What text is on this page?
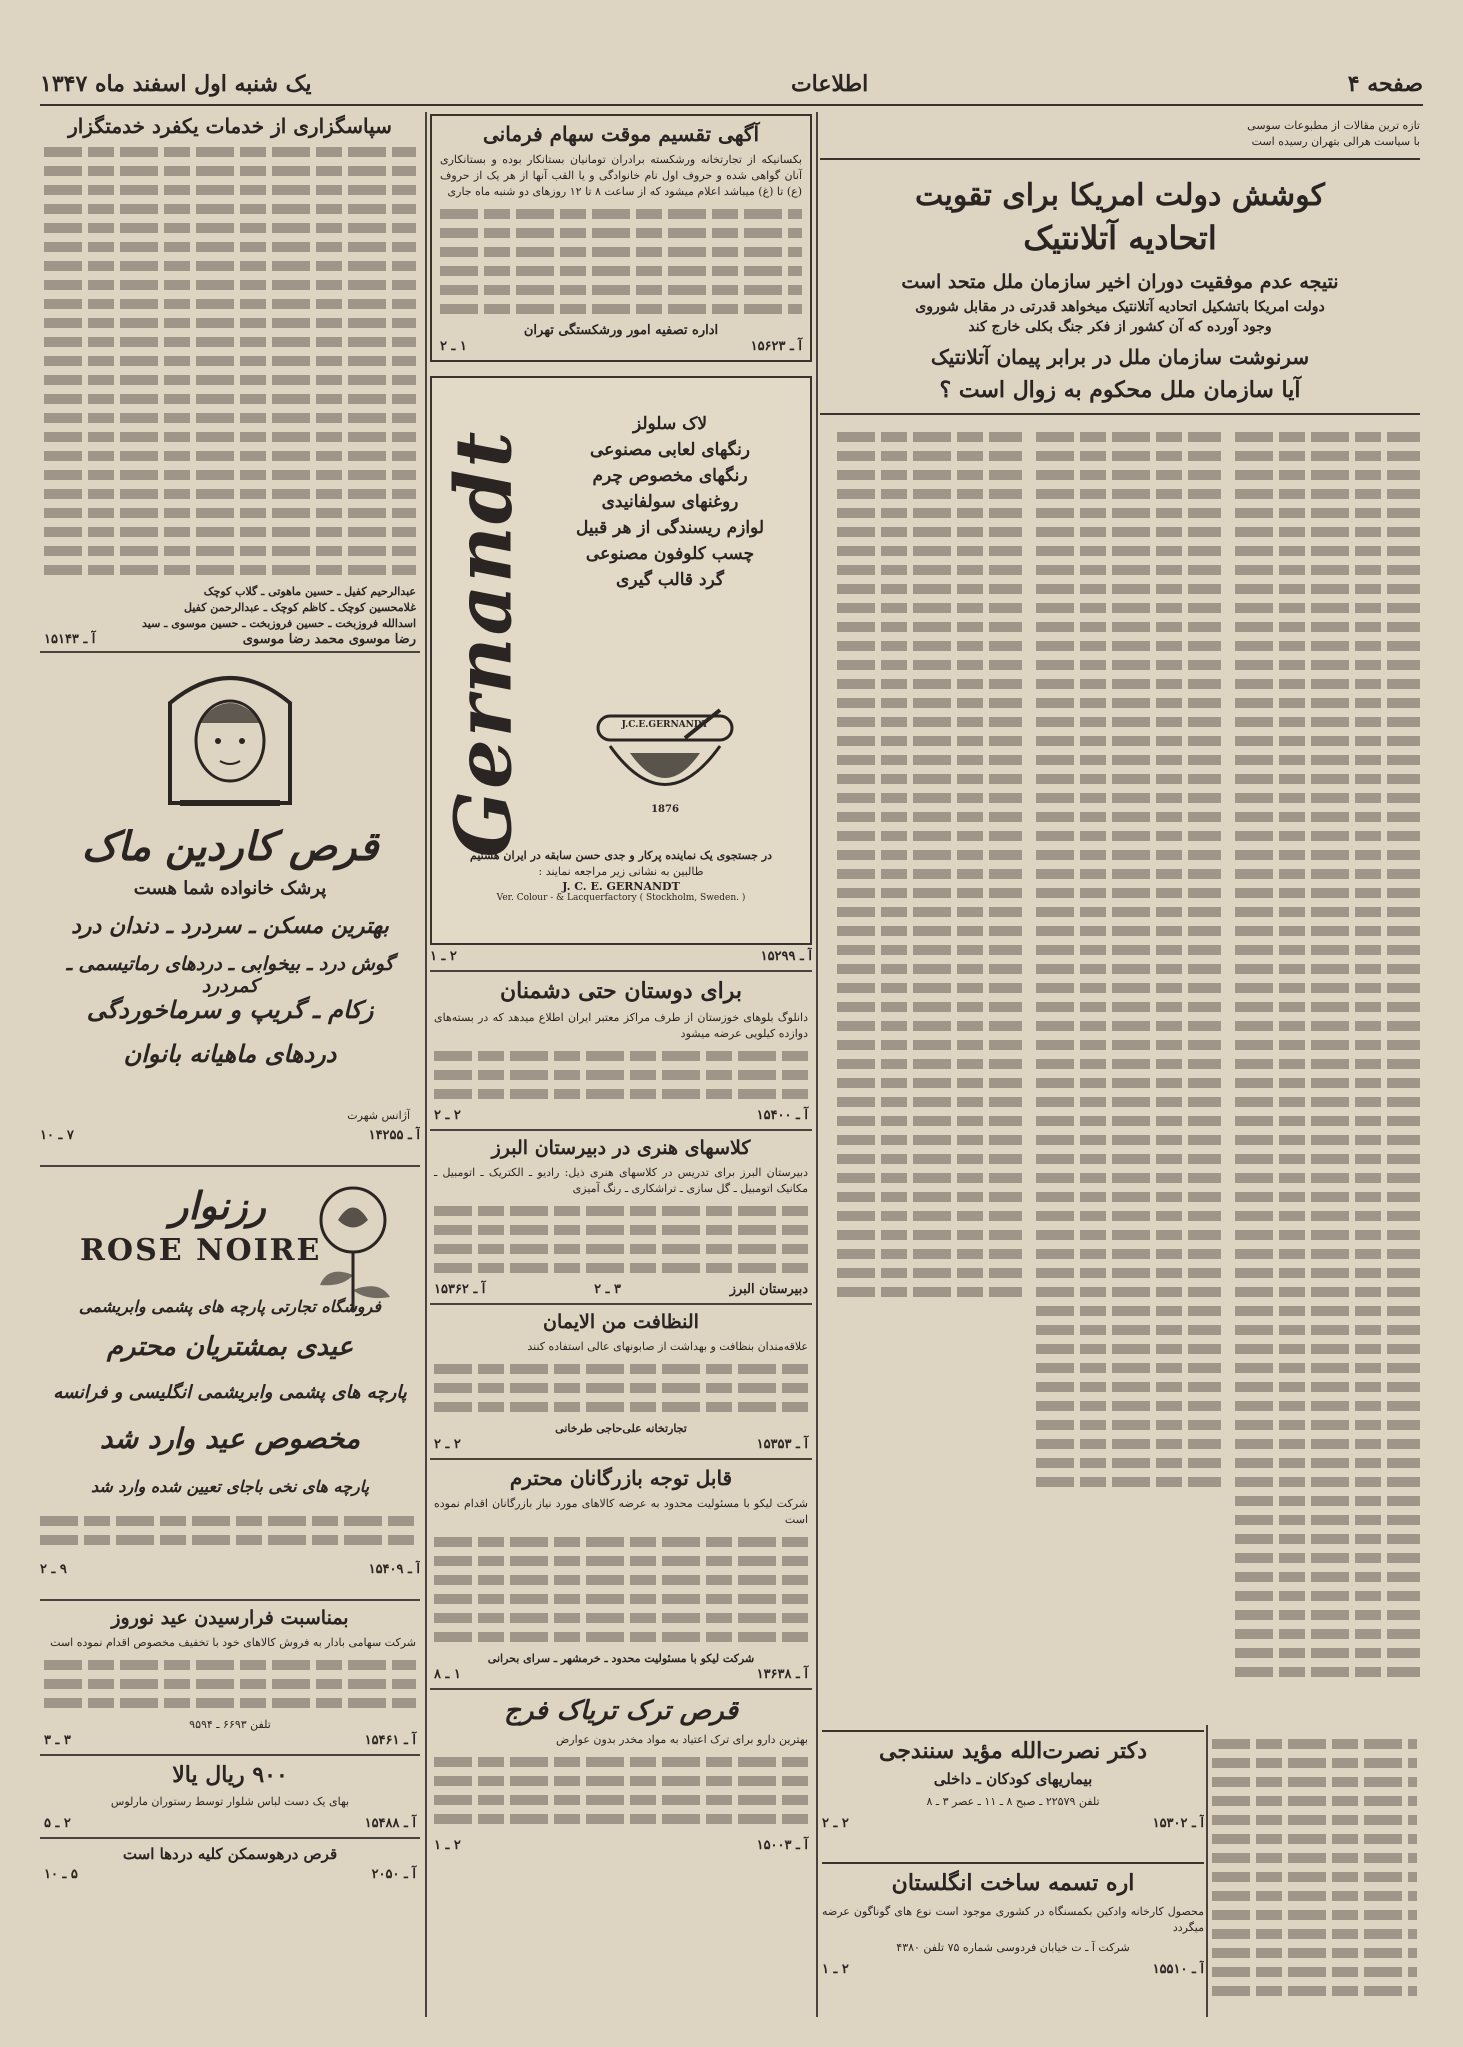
صفحه ۴
اطلاعات
یک شنبه اول اسفند ماه ۱۳۴۷
تازه ترین مقالات از مطبوعات سوسی
با سیاست هرالی بتهران رسیده است
کوشش دولت امریکا برای تقویت
اتحادیه آتلانتیک
نتیجه عدم موفقیت دوران اخیر سازمان ملل متحد است
دولت امریکا باتشکیل اتحادیه آتلانتیک میخواهد قدرتی در مقابل شوروی
وجود آورده که آن کشور از فکر جنگ بکلی خارج کند
سرنوشت سازمان ملل در برابر پیمان آتلانتیک
آیا سازمان ملل محکوم به زوال است ؟
دکتر نصرت‌الله مؤید سنندجی
بیماریهای کودکان ـ داخلی
تلفن ۲۲۵۷۹ ـ صبح ۸ ـ ۱۱ ـ عصر ۳ ـ ۸
آ ـ ۱۵۳۰۲
۲ ـ ۲
اره تسمه ساخت انگلستان
محصول کارخانه وادکین بکمسنگاه در کشوری موجود است نوع های گوناگون عرضه میگردد
شرکت آ ـ ت خیابان فردوسی شماره ۷۵ تلفن ۴۳۸۰
آ ـ ۱۵۵۱۰
۲ ـ ۱
آگهی تقسیم موقت سهام فرمانی
بکسانیکه از تجارتخانه ورشکسته برادران تومانیان بستانکار بوده و بستانکاری آنان گواهی شده و حروف اول نام خانوادگی و یا القب آنها از هر یک از حروف (ع) تا (غ) میباشد اعلام میشود که از ساعت ۸ تا ۱۲ روزهای دو شنبه ماه جاری
اداره تصفیه امور ورشکستگی تهران
آ ـ ۱۵۶۲۳
۱ ـ ۲
Gernandt
لاک سلولز
رنگهای لعابی مصنوعی
رنگهای مخصوص چرم
روغنهای سولفانیدی
لوازم ریسندگی از هر قبیل
چسب کلوفون مصنوعی
گرد قالب گیری
J.C.E.GERNANDT
1876
در جستجوی یک نماینده پرکار و جدی حسن سابقه در ایران هستیم
طالبین به نشانی زیر مراجعه نمایند :
J. C. E. GERNANDT
Ver. Colour - & Lacquerfactory ( Stockholm, Sweden. )
آ ـ ۱۵۲۹۹
۲ ـ ۱
برای دوستان حتی دشمنان
دانلوگ بلوهای خوزستان از طرف مراکز معتبر ایران اطلاع میدهد که در بسته‌های دوازده کیلویی عرضه میشود
آ ـ ۱۵۴۰۰
۲ ـ ۲
کلاسهای هنری در دبیرستان البرز
دبیرستان البرز برای تدریس در کلاسهای هنری ذیل: رادیو ـ الکتریک ـ اتومبیل ـ مکانیک اتومبیل ـ گل سازی ـ تراشکاری ـ رنگ آمیزی
دبیرستان البرز
۳ ـ ۲
آ ـ ۱۵۳۶۲
النظافت من الایمان
علاقه‌مندان بنظافت و بهداشت از صابونهای عالی استفاده کنند
تجارتخانه علی‌حاجی طرخانی
آ ـ ۱۵۳۵۳
۲ ـ ۲
قابل توجه بازرگانان محترم
شرکت لیکو با مسئولیت محدود به عرضه کالاهای مورد نیاز بازرگانان اقدام نموده است
شرکت لیکو با مسئولیت محدود ـ خرمشهر ـ سرای بحرانی
آ ـ ۱۳۶۳۸
۱ ـ ۸
قرص ترک تریاک فرج
بهترین دارو برای ترک اعتیاد به مواد مخدر بدون عوارض
آ ـ ۱۵۰۰۳
۲ ـ ۱
سپاسگزاری از خدمات یکفرد خدمتگزار
عبدالرحیم کفیل ـ حسین ماهوتی ـ گلاب کوچک
غلامحسین کوچک ـ کاظم کوچک ـ عبدالرحمن کفیل
اسدالله فروزبخت ـ حسین فروزبخت ـ حسین موسوی ـ سید
رضا موسوی محمد رضا موسوی
آ ـ ۱۵۱۴۳
قرص کاردین ماک
پرشک خانواده شما هست
بهترین مسکن ـ سردرد ـ دندان درد
گوش درد ـ بیخوابی ـ دردهای رماتیسمی ـ کمردرد
زکام ـ گریپ و سرماخوردگی
دردهای ماهیانه بانوان
آژانس شهرت
آ ـ ۱۴۲۵۵
۷ ـ ۱۰
رزنوار
ROSE NOIRE
فروشگاه تجارتی پارچه های پشمی وابریشمی
عیدی بمشتریان محترم
پارچه های پشمی وابریشمی انگلیسی و فرانسه
مخصوص عید وارد شد
پارچه های نخی باجای تعیین شده وارد شد
آ ـ ۱۵۴۰۹
۹ ـ ۲
بمناسبت فرارسیدن عید نوروز
شرکت سهامی بادار به فروش کالاهای خود با تخفیف مخصوص اقدام نموده است
تلفن ۶۶۹۳ ـ ۹۵۹۴
آ ـ ۱۵۴۶۱
۳ ـ ۳
۹۰۰ ریال یالا
بهای یک دست لباس شلوار توسط رستوران مارلوس
آ ـ ۱۵۴۸۸
۲ ـ ۵
قرص درهوسمکن کلیه دردها است
آ ـ ۲۰۵۰
۵ ـ ۱۰
